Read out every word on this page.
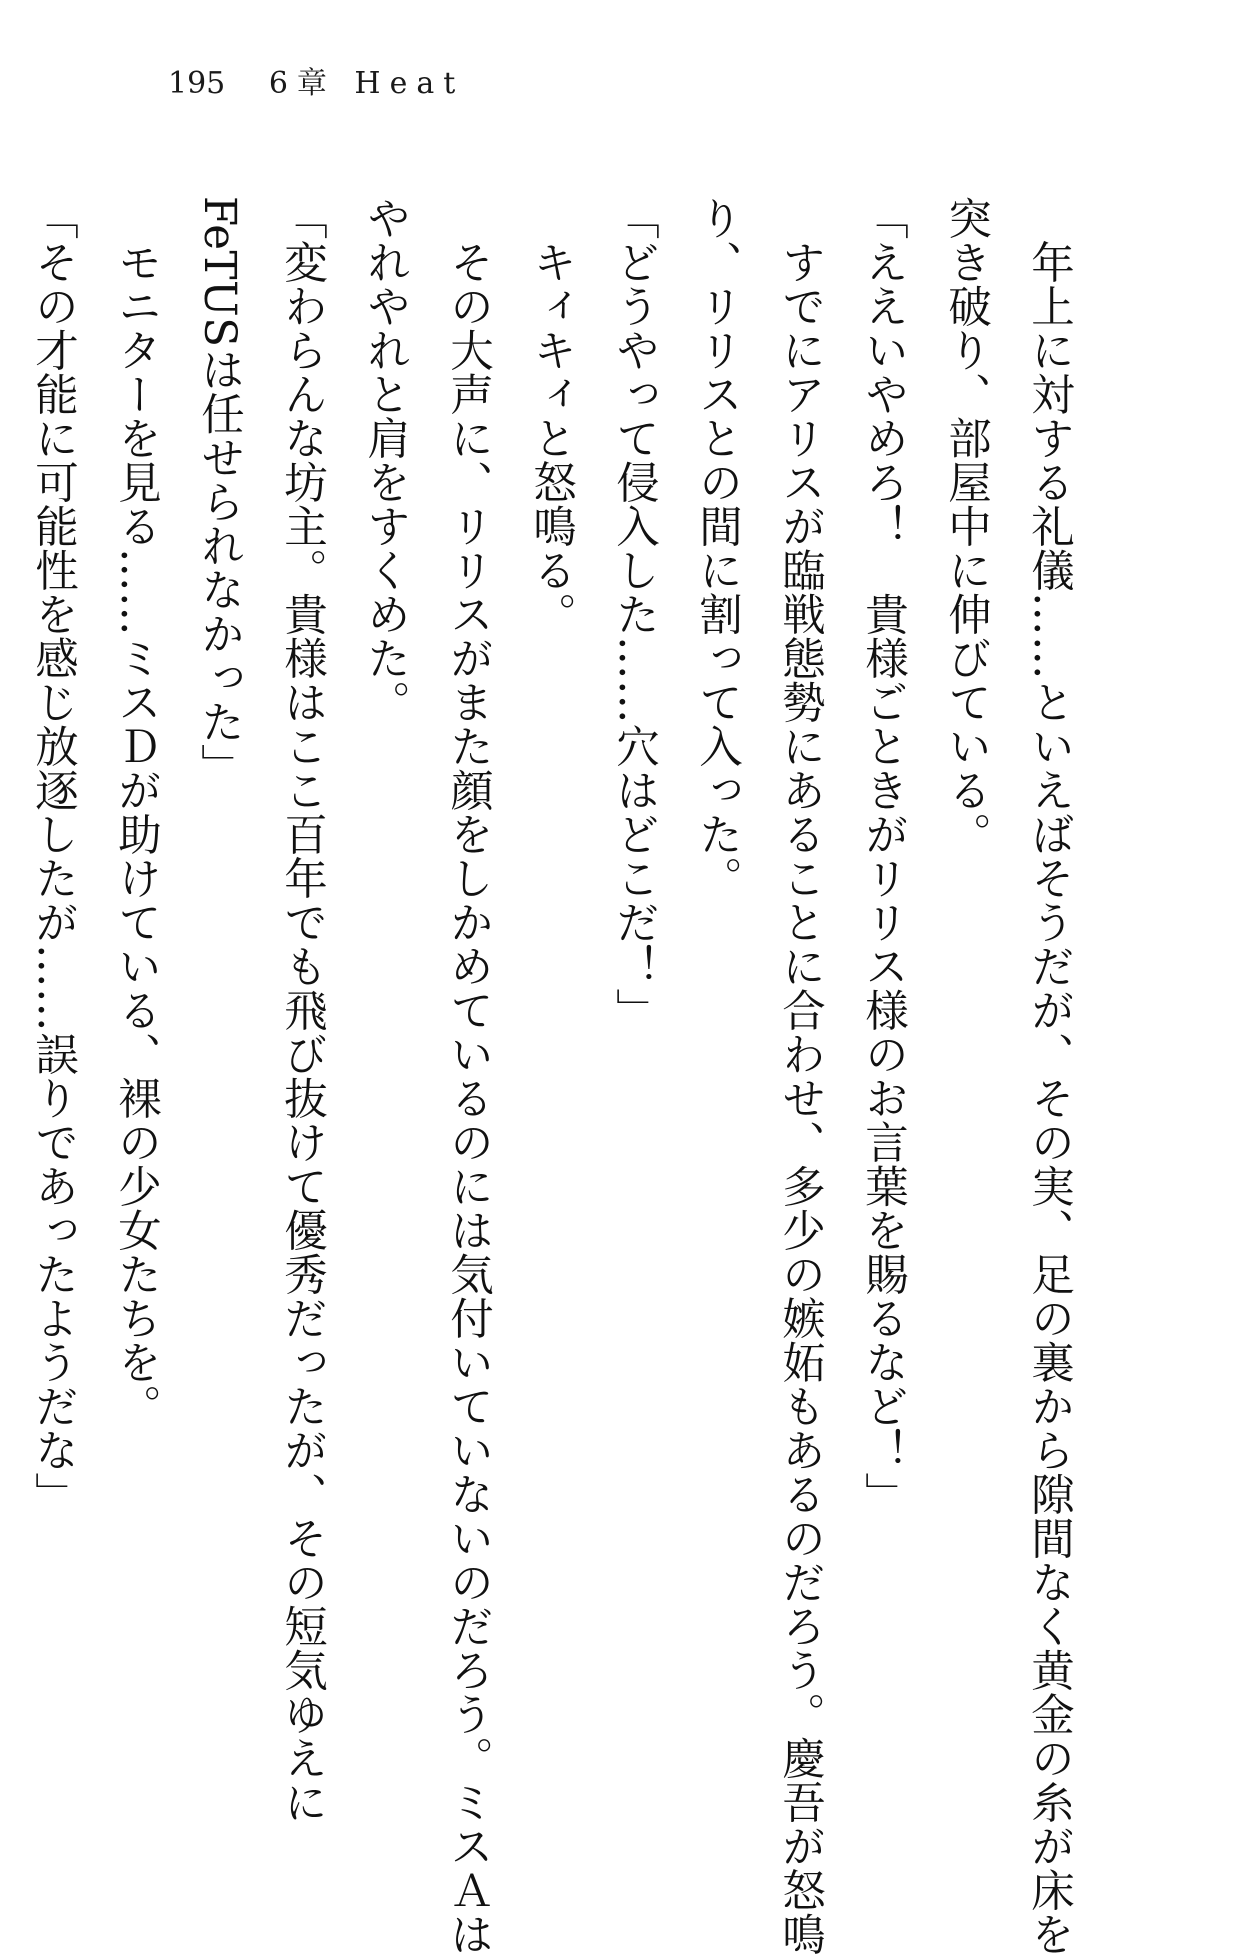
195 6章 Heat

年上に対する礼儀……といえばそうだが、その実、足の裏から隙間なく黄金の糸が床を

突き破り、部屋中に伸びている。

「ええいやめろ！　貴様ごときがリリス様のお言葉を賜るなど！」

すでにアリスが臨戦態勢にあることに合わせ、多少の嫉妬もあるのだろう。慶吾が怒鳴

り、リリスとの間に割って入った。

「どうやって侵入した……穴はどこだ！」

キィキィと怒鳴る。

その大声に、リリスがまた顔をしかめているのには気付いていないのだろう。ミスＡは

やれやれと肩をすくめた。

「変わらんな坊主。貴様はここ百年でも飛び抜けて優秀だったが、その短気ゆえに

FeTUSは任せられなかった」

モニターを見る……ミスＤが助けている、裸の少女たちを。

「その才能に可能性を感じ放逐したが……誤りであったようだな」
